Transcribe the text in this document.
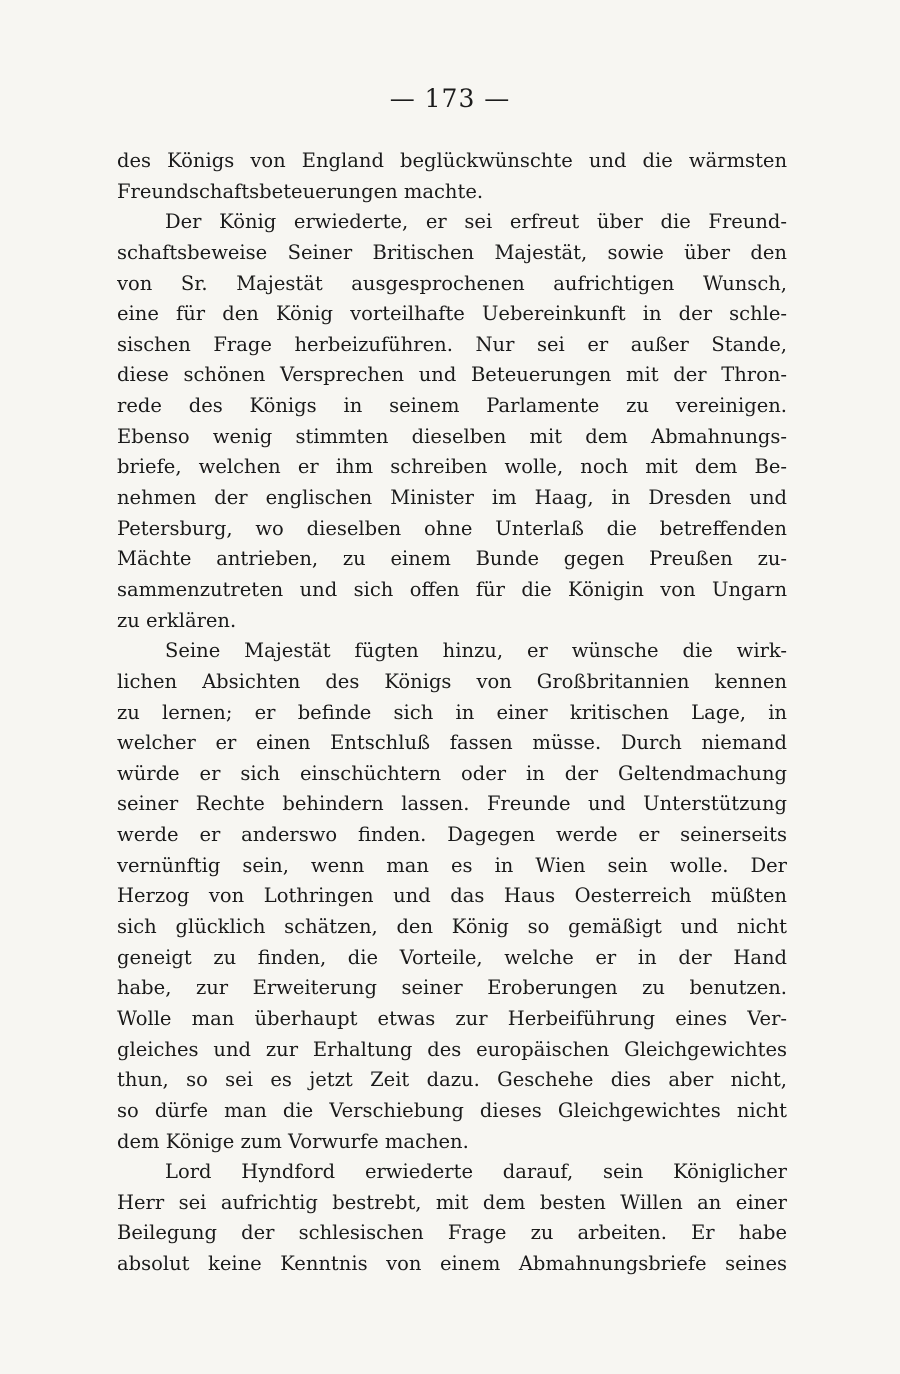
— 173 —
des Königs von England beglückwünschte und die wärmsten
Freundschaftsbeteuerungen machte.
Der König erwiederte, er sei erfreut über die Freund-
schaftsbeweise Seiner Britischen Majestät, sowie über den
von Sr. Majestät ausgesprochenen aufrichtigen Wunsch,
eine für den König vorteilhafte Uebereinkunft in der schle-
sischen Frage herbeizuführen. Nur sei er außer Stande,
diese schönen Versprechen und Beteuerungen mit der Thron-
rede des Königs in seinem Parlamente zu vereinigen.
Ebenso wenig stimmten dieselben mit dem Abmahnungs-
briefe, welchen er ihm schreiben wolle, noch mit dem Be-
nehmen der englischen Minister im Haag, in Dresden und
Petersburg, wo dieselben ohne Unterlaß die betreffenden
Mächte antrieben, zu einem Bunde gegen Preußen zu-
sammenzutreten und sich offen für die Königin von Ungarn
zu erklären.
Seine Majestät fügten hinzu, er wünsche die wirk-
lichen Absichten des Königs von Großbritannien kennen
zu lernen; er befinde sich in einer kritischen Lage, in
welcher er einen Entschluß fassen müsse. Durch niemand
würde er sich einschüchtern oder in der Geltendmachung
seiner Rechte behindern lassen. Freunde und Unterstützung
werde er anderswo finden. Dagegen werde er seinerseits
vernünftig sein, wenn man es in Wien sein wolle. Der
Herzog von Lothringen und das Haus Oesterreich müßten
sich glücklich schätzen, den König so gemäßigt und nicht
geneigt zu finden, die Vorteile, welche er in der Hand
habe, zur Erweiterung seiner Eroberungen zu benutzen.
Wolle man überhaupt etwas zur Herbeiführung eines Ver-
gleiches und zur Erhaltung des europäischen Gleichgewichtes
thun, so sei es jetzt Zeit dazu. Geschehe dies aber nicht,
so dürfe man die Verschiebung dieses Gleichgewichtes nicht
dem Könige zum Vorwurfe machen.
Lord Hyndford erwiederte darauf, sein Königlicher
Herr sei aufrichtig bestrebt, mit dem besten Willen an einer
Beilegung der schlesischen Frage zu arbeiten. Er habe
absolut keine Kenntnis von einem Abmahnungsbriefe seines
